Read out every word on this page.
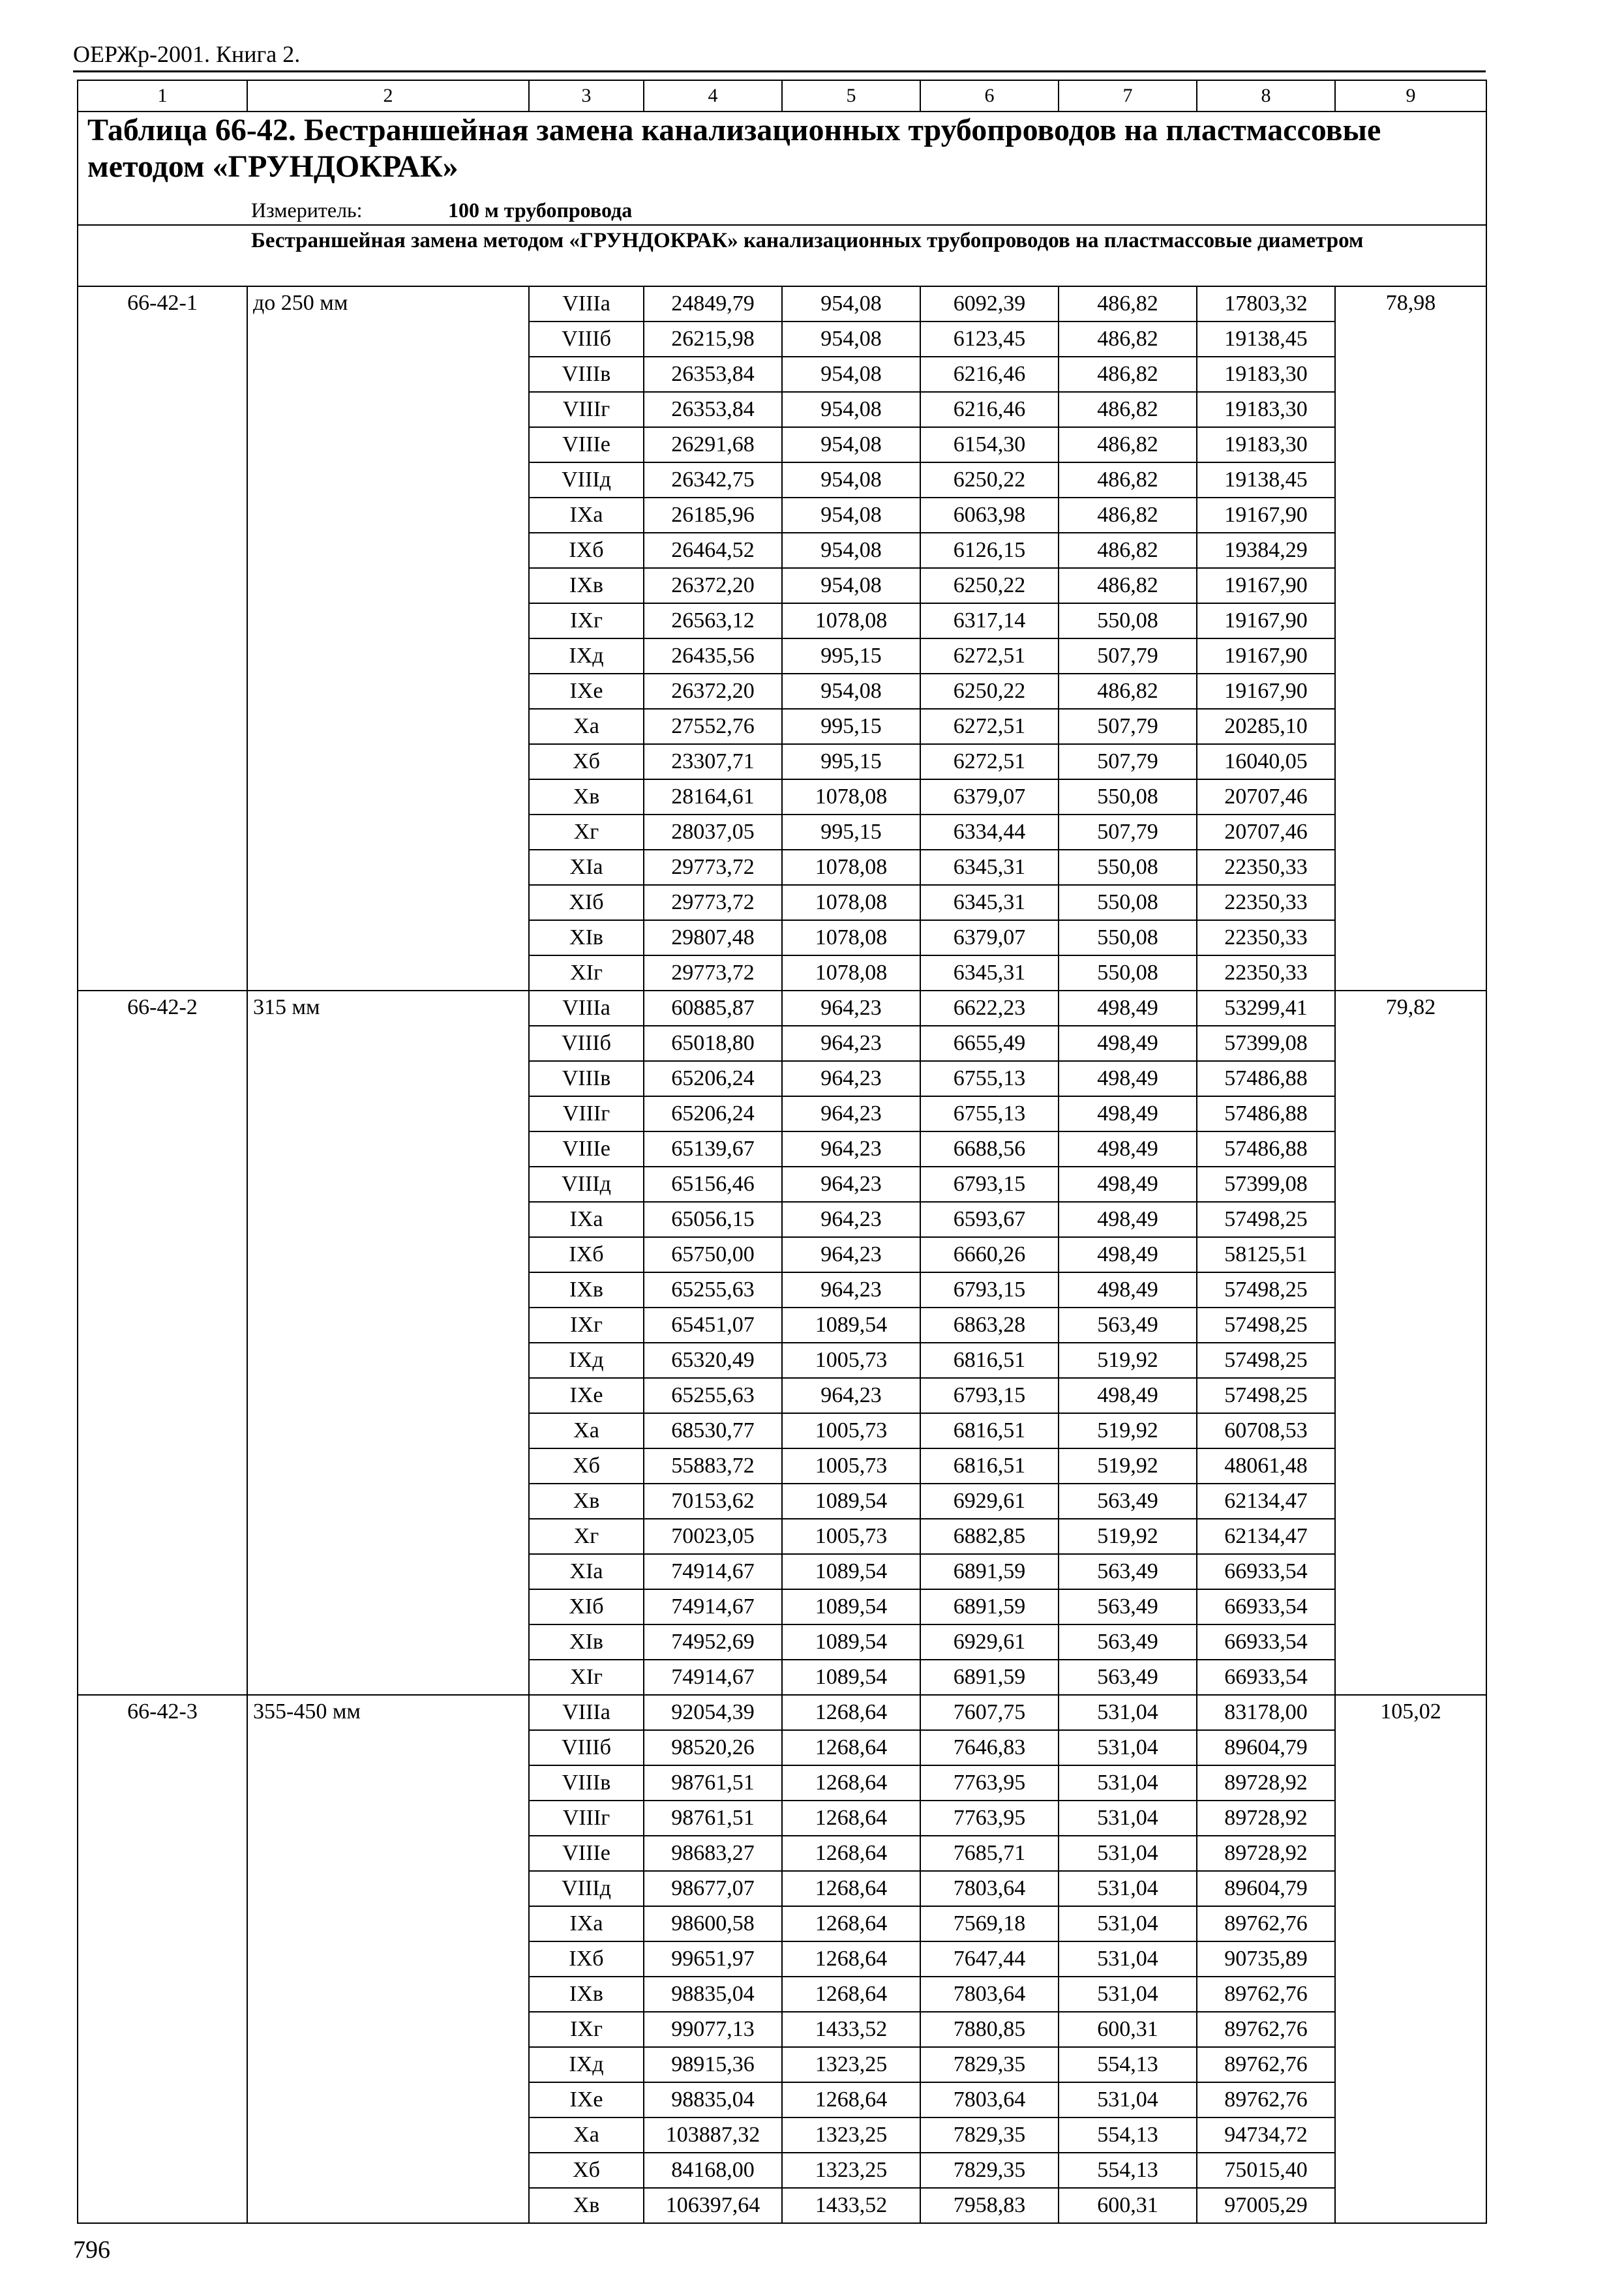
ОЕРЖр-2001. Книга 2.
1	2	3	4	5	6	7	8	9
Таблица 66-42. Бестраншейная замена канализационных трубопроводов на пластмассовые методом «ГРУНДОКРАК»								
	Измеритель: 100 м трубопровода							
	Бестраншейная замена методом «ГРУНДОКРАК» канализационных трубопроводов на пластмассовые диаметром							
66-42-1	до 250 мм	VIIIа	24849,79	954,08	6092,39	486,82	17803,32	78,98
		VIIIб	26215,98	954,08	6123,45	486,82	19138,45	
		VIIIв	26353,84	954,08	6216,46	486,82	19183,30	
		VIIIг	26353,84	954,08	6216,46	486,82	19183,30	
		VIIIе	26291,68	954,08	6154,30	486,82	19183,30	
		VIIIд	26342,75	954,08	6250,22	486,82	19138,45	
		IXа	26185,96	954,08	6063,98	486,82	19167,90	
		IXб	26464,52	954,08	6126,15	486,82	19384,29	
		IXв	26372,20	954,08	6250,22	486,82	19167,90	
		IXг	26563,12	1078,08	6317,14	550,08	19167,90	
		IXд	26435,56	995,15	6272,51	507,79	19167,90	
		IXе	26372,20	954,08	6250,22	486,82	19167,90	
		Xа	27552,76	995,15	6272,51	507,79	20285,10	
		Xб	23307,71	995,15	6272,51	507,79	16040,05	
		Xв	28164,61	1078,08	6379,07	550,08	20707,46	
		Xг	28037,05	995,15	6334,44	507,79	20707,46	
		XIа	29773,72	1078,08	6345,31	550,08	22350,33	
		XIб	29773,72	1078,08	6345,31	550,08	22350,33	
		XIв	29807,48	1078,08	6379,07	550,08	22350,33	
		XIг	29773,72	1078,08	6345,31	550,08	22350,33	
66-42-2	315 мм	VIIIа	60885,87	964,23	6622,23	498,49	53299,41	79,82
		VIIIб	65018,80	964,23	6655,49	498,49	57399,08	
		VIIIв	65206,24	964,23	6755,13	498,49	57486,88	
		VIIIг	65206,24	964,23	6755,13	498,49	57486,88	
		VIIIе	65139,67	964,23	6688,56	498,49	57486,88	
		VIIIд	65156,46	964,23	6793,15	498,49	57399,08	
		IXа	65056,15	964,23	6593,67	498,49	57498,25	
		IXб	65750,00	964,23	6660,26	498,49	58125,51	
		IXв	65255,63	964,23	6793,15	498,49	57498,25	
		IXг	65451,07	1089,54	6863,28	563,49	57498,25	
		IXд	65320,49	1005,73	6816,51	519,92	57498,25	
		IXе	65255,63	964,23	6793,15	498,49	57498,25	
		Xа	68530,77	1005,73	6816,51	519,92	60708,53	
		Xб	55883,72	1005,73	6816,51	519,92	48061,48	
		Xв	70153,62	1089,54	6929,61	563,49	62134,47	
		Xг	70023,05	1005,73	6882,85	519,92	62134,47	
		XIа	74914,67	1089,54	6891,59	563,49	66933,54	
		XIб	74914,67	1089,54	6891,59	563,49	66933,54	
		XIв	74952,69	1089,54	6929,61	563,49	66933,54	
		XIг	74914,67	1089,54	6891,59	563,49	66933,54	
66-42-3	355-450 мм	VIIIа	92054,39	1268,64	7607,75	531,04	83178,00	105,02
		VIIIб	98520,26	1268,64	7646,83	531,04	89604,79	
		VIIIв	98761,51	1268,64	7763,95	531,04	89728,92	
		VIIIг	98761,51	1268,64	7763,95	531,04	89728,92	
		VIIIе	98683,27	1268,64	7685,71	531,04	89728,92	
		VIIIд	98677,07	1268,64	7803,64	531,04	89604,79	
		IXа	98600,58	1268,64	7569,18	531,04	89762,76	
		IXб	99651,97	1268,64	7647,44	531,04	90735,89	
		IXв	98835,04	1268,64	7803,64	531,04	89762,76	
		IXг	99077,13	1433,52	7880,85	600,31	89762,76	
		IXд	98915,36	1323,25	7829,35	554,13	89762,76	
		IXе	98835,04	1268,64	7803,64	531,04	89762,76	
		Xа	103887,32	1323,25	7829,35	554,13	94734,72	
		Xб	84168,00	1323,25	7829,35	554,13	75015,40	
		Xв	106397,64	1433,52	7958,83	600,31	97005,29	
796
